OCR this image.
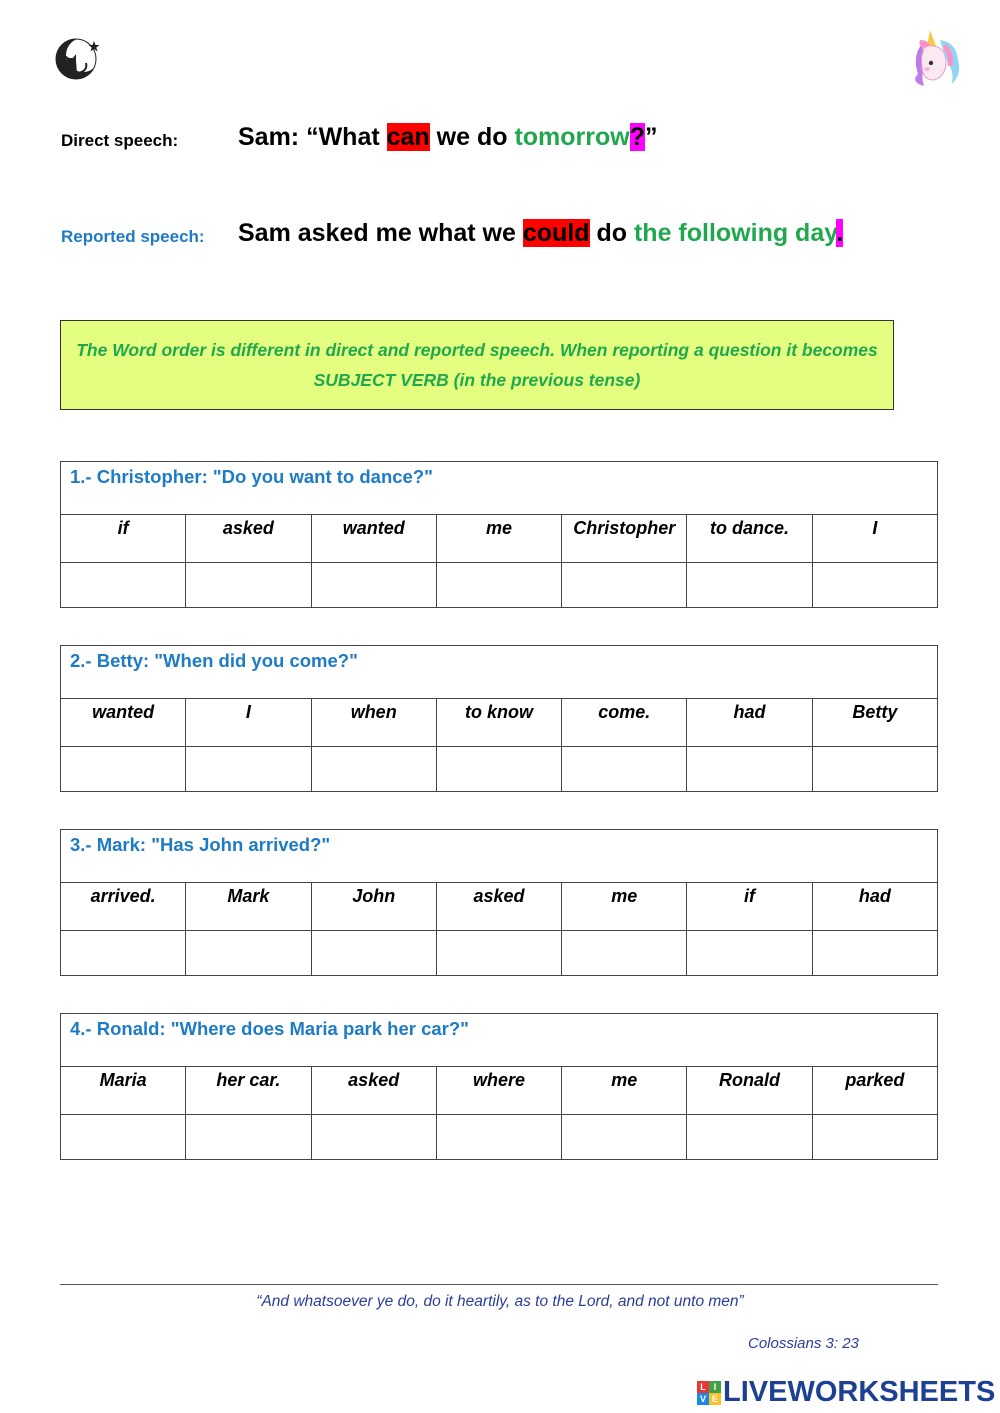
Direct speech: Sam: “What can we do tomorrow?”
Reported speech: Sam asked me what we could do the following day.
The Word order is different in direct and reported speech. When reporting a question it becomes SUBJECT VERB (in the previous tense)
1.- Christopher: "Do you want to dance?"						
if	asked	wanted	me	Christopher	to dance.	I

2.- Betty: "When did you come?"						
wanted	I	when	to know	come.	had	Betty

3.- Mark: "Has John arrived?"						
arrived.	Mark	John	asked	me	if	had

4.- Ronald: "Where does Maria park her car?"						
Maria	her car.	asked	where	me	Ronald	parked

“And whatsoever ye do, do it heartily, as to the Lord, and not unto men”
Colossians 3: 23
L I
V E LIVEWORKSHEETS
